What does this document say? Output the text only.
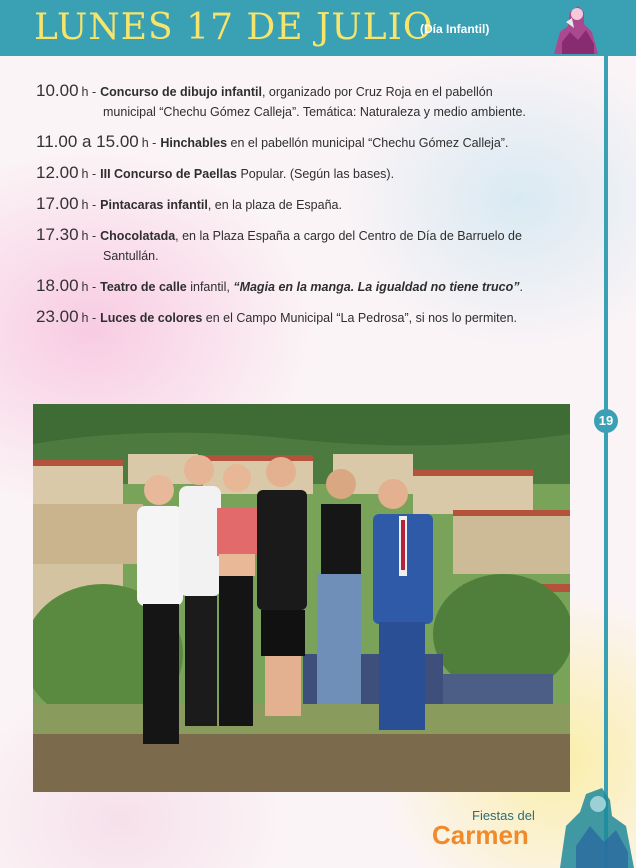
LUNES 17 DE JULIO
(Día Infantil)
19
10.00 h - Concurso de dibujo infantil, organizado por Cruz Roja en el pabellón
municipal “Chechu Gómez Calleja”. Temática: Naturaleza y medio ambiente.
11.00 a 15.00 h - Hinchables en el pabellón municipal “Chechu Gómez Calleja”.
12.00 h - III Concurso de Paellas Popular. (Según las bases).
17.00 h - Pintacaras infantil, en la plaza de España.
17.30 h - Chocolatada, en la Plaza España a cargo del Centro de Día de Barruelo de
Santullán.
18.00 h - Teatro de calle infantil, “Magia en la manga. La igualdad no tiene truco”.
23.00 h - Luces de colores en el Campo Municipal “La Pedrosa”, si nos lo permiten.
Fiestas del
Carmen
